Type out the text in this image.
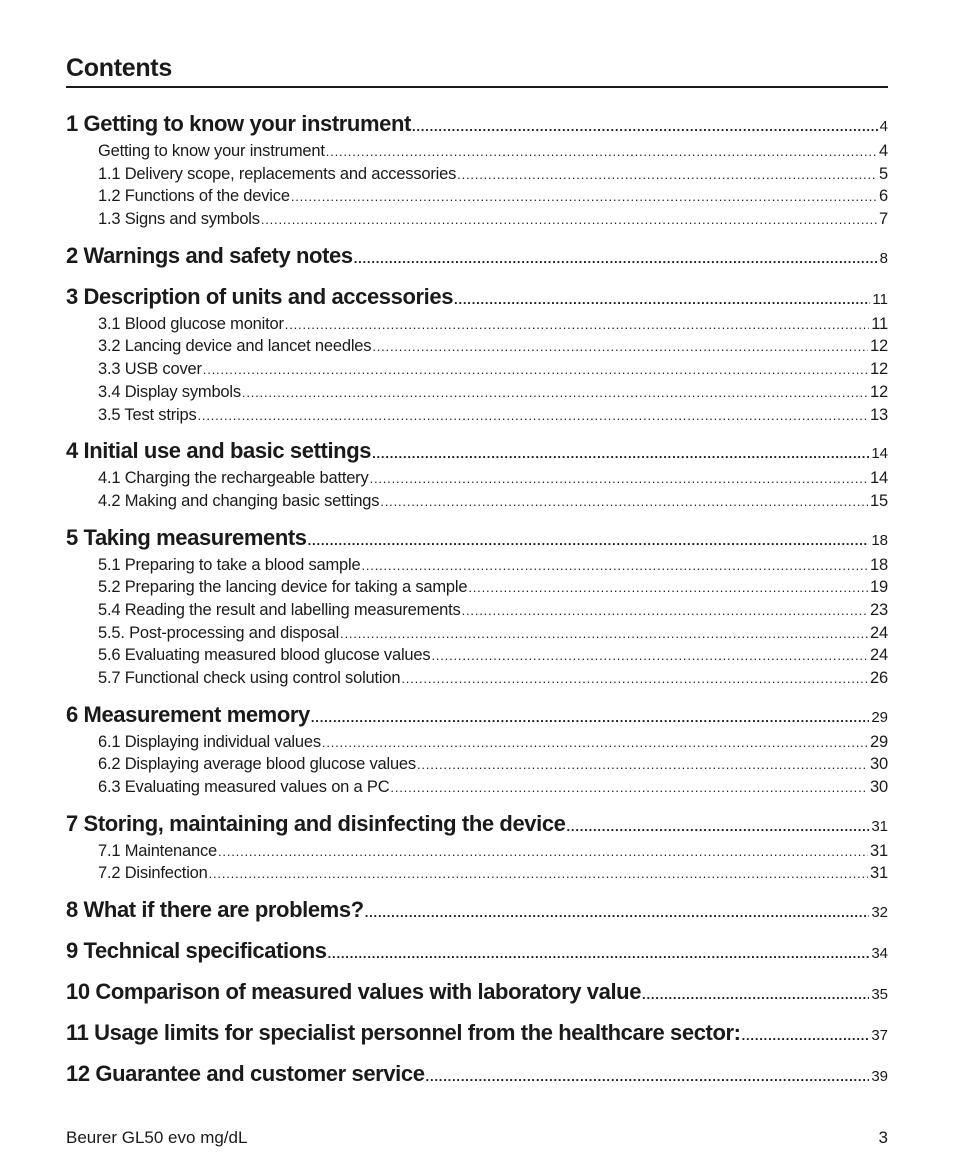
Contents
1 Getting to know your instrument .....	4
Getting to know your instrument .....	4
1.1 Delivery scope, replacements and accessories .....	5
1.2 Functions of the device .....	6
1.3 Signs and symbols .....	7
2 Warnings and safety notes .....	8
3 Description of units and accessories .....	11
3.1 Blood glucose monitor .....	11
3.2 Lancing device and lancet needles .....	12
3.3 USB cover .....	12
3.4 Display symbols .....	12
3.5 Test strips .....	13
4 Initial use and basic settings .....	14
4.1 Charging the rechargeable battery .....	14
4.2 Making and changing basic settings .....	15
5 Taking measurements .....	18
5.1 Preparing to take a blood sample .....	18
5.2 Preparing the lancing device for taking a sample .....	19
5.4 Reading the result and labelling measurements .....	23
5.5. Post-processing and disposal .....	24
5.6 Evaluating measured blood glucose values .....	24
5.7 Functional check using control solution .....	26
6 Measurement memory .....	29
6.1 Displaying individual values .....	29
6.2 Displaying average blood glucose values .....	30
6.3 Evaluating measured values on a PC .....	30
7 Storing, maintaining and disinfecting the device .....	31
7.1 Maintenance .....	31
7.2 Disinfection .....	31
8 What if there are problems? .....	32
9 Technical specifications .....	34
10 Comparison of measured values with laboratory value .....	35
11 Usage limits for specialist personnel from the healthcare sector: .....	37
12 Guarantee and customer service .....	39
Beurer GL50 evo mg/dL	3
